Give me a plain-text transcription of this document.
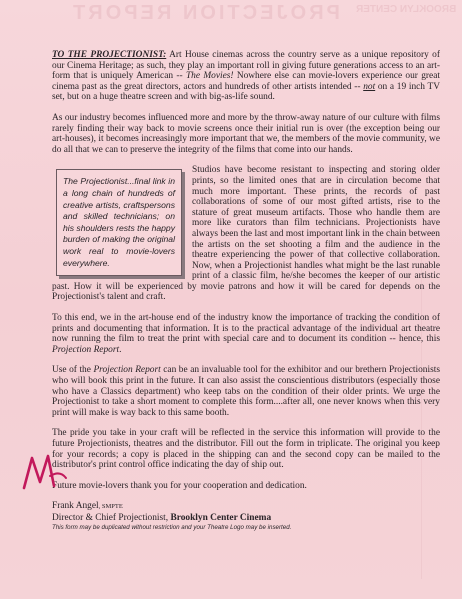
PROJECTION REPORT BROOKLYN CENTER

TO THE PROJECTIONIST: Art House cinemas across the country serve as a unique repository of our Cinema Heritage; as such, they play an important roll in giving future generations access to an art-form that is uniquely American -- The Movies! Nowhere else can movie-lovers experience our great cinema past as the great directors, actors and hundreds of other artists intended -- not on a 19 inch TV set, but on a huge theatre screen and with big-as-life sound.

As our industry becomes influenced more and more by the throw-away nature of our culture with films rarely finding their way back to movie screens once their initial run is over (the exception being our art-houses), it becomes increasingly more important that we, the members of the movie community, we do all that we can to preserve the integrity of the films that come into our hands.

The Projectionist...final link in a long chain of hundreds of creative artists, craftspersons and skilled technicians; on his shoulders rests the happy burden of making the original work real to movie-lovers everywhere.
Studios have become resistant to inspecting and storing older prints, so the limited ones that are in circulation become that much more important. These prints, the records of past collaborations of some of our most gifted artists, rise to the stature of great museum artifacts. Those who handle them are more like curators than film technicians. Projectionists have always been the last and most important link in the chain between the artists on the set shooting a film and the audience in the theatre experiencing the power of that collective collaboration. Now, when a Projectionist handles what might be the last runable print of a classic film, he/she becomes the keeper of our artistic past. How it will be experienced by movie patrons and how it will be cared for depends on the Projectionist's talent and craft.

To this end, we in the art-house end of the industry know the importance of tracking the condition of prints and documenting that information. It is to the practical advantage of the individual art theatre now running the film to treat the print with special care and to document its condition -- hence, this Projection Report.

Use of the Projection Report can be an invaluable tool for the exhibitor and our brethern Projectionists who will book this print in the future. It can also assist the conscientious distributors (especially those who have a Classics department) who keep tabs on the condition of their older prints. We urge the Projectionist to take a short moment to complete this form....after all, one never knows when this very print will make is way back to this same booth.

The pride you take in your craft will be reflected in the service this information will provide to the future Projectionists, theatres and the distributor. Fill out the form in triplicate. The original you keep for your records; a copy is placed in the shipping can and the second copy can be mailed to the distributor's print control office indicating the day of ship out.

Future movie-lovers thank you for your cooperation and dedication.

Frank Angel, SMPTE
Director & Chief Projectionist, Brooklyn Center Cinema

This form may be duplicated without restriction and your Theatre Logo may be inserted.
